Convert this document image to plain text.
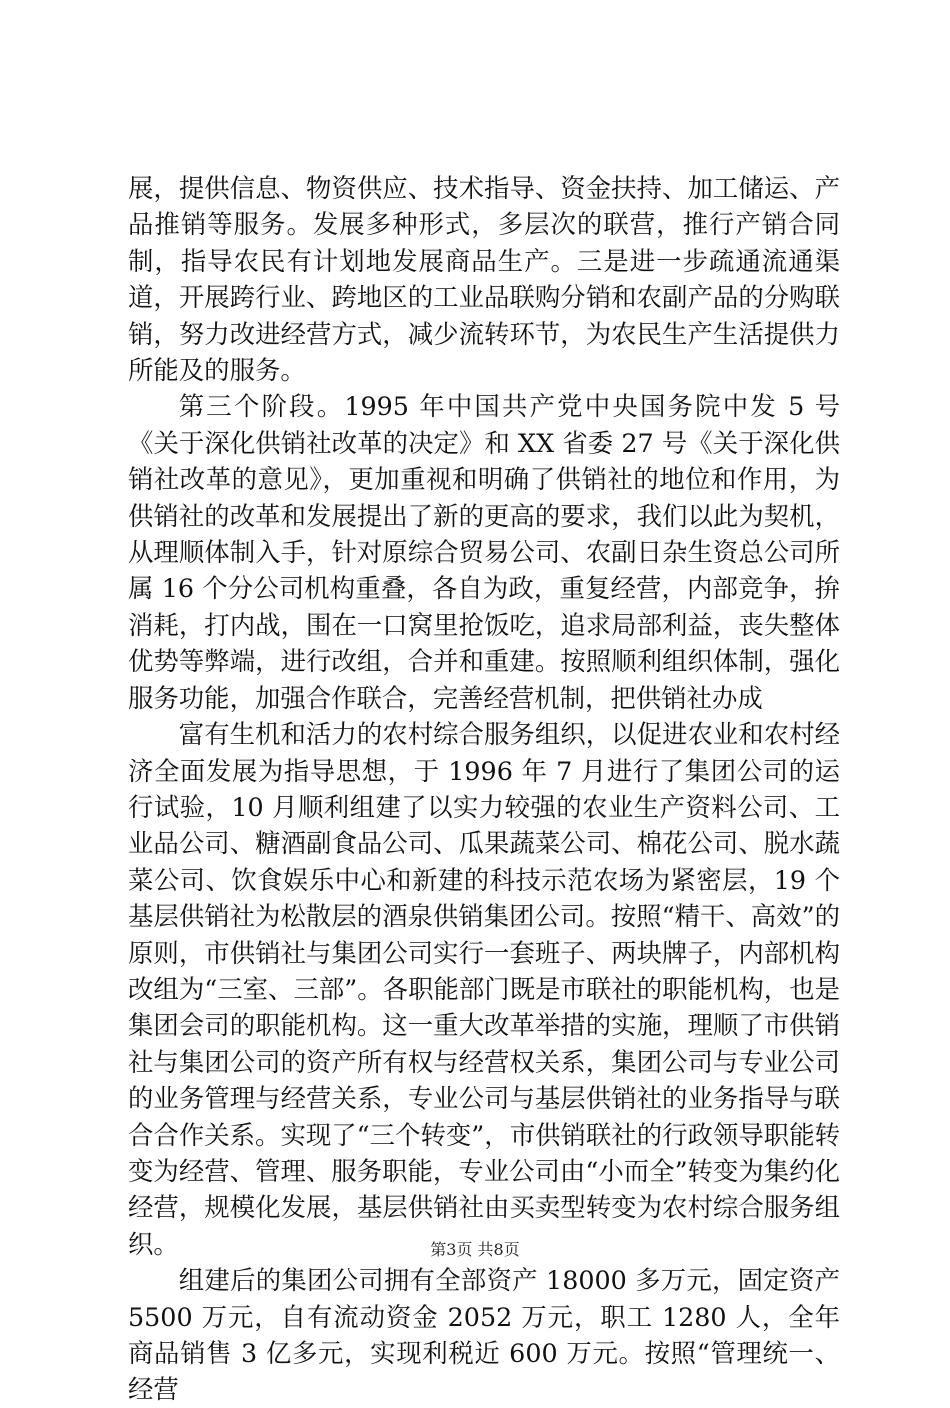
展，提供信息、物资供应、技术指导、资金扶持、加工储运、产品推销等服务。发展多种形式，多层次的联营，推行产销合同制，指导农民有计划地发展商品生产。三是进一步疏通流通渠道，开展跨行业、跨地区的工业品联购分销和农副产品的分购联销，努力改进经营方式，减少流转环节，为农民生产生活提供力所能及的服务。

第三个阶段。1995 年中国共产党中央国务院中发 5 号《关于深化供销社改革的决定》和 XX 省委 27 号《关于深化供销社改革的意见》，更加重视和明确了供销社的地位和作用，为供销社的改革和发展提出了新的更高的要求，我们以此为契机，从理顺体制入手，针对原综合贸易公司、农副日杂生资总公司所属 16 个分公司机构重叠，各自为政，重复经营，内部竞争，拚消耗，打内战，围在一口窝里抢饭吃，追求局部利益，丧失整体优势等弊端，进行改组，合并和重建。按照顺利组织体制，强化服务功能，加强合作联合，完善经营机制，把供销社办成

富有生机和活力的农村综合服务组织，以促进农业和农村经济全面发展为指导思想，于 1996 年 7 月进行了集团公司的运行试验，10 月顺利组建了以实力较强的农业生产资料公司、工业品公司、糖酒副食品公司、瓜果蔬菜公司、棉花公司、脱水蔬菜公司、饮食娱乐中心和新建的科技示范农场为紧密层，19 个基层供销社为松散层的酒泉供销集团公司。按照“精干、高效”的原则，市供销社与集团公司实行一套班子、两块牌子，内部机构改组为“三室、三部”。各职能部门既是市联社的职能机构，也是集团会司的职能机构。这一重大改革举措的实施，理顺了市供销社与集团公司的资产所有权与经营权关系，集团公司与专业公司的业务管理与经营关系，专业公司与基层供销社的业务指导与联合合作关系。实现了“三个转变”，市供销联社的行政领导职能转变为经营、管理、服务职能，专业公司由“小而全”转变为集约化经营，规模化发展，基层供销社由买卖型转变为农村综合服务组织。

组建后的集团公司拥有全部资产 18000 多万元，固定资产5500 万元，自有流动资金 2052 万元，职工 1280 人，全年商品销售 3 亿多元，实现利税近 600 万元。按照“管理统一、经营

第3页 共8页
